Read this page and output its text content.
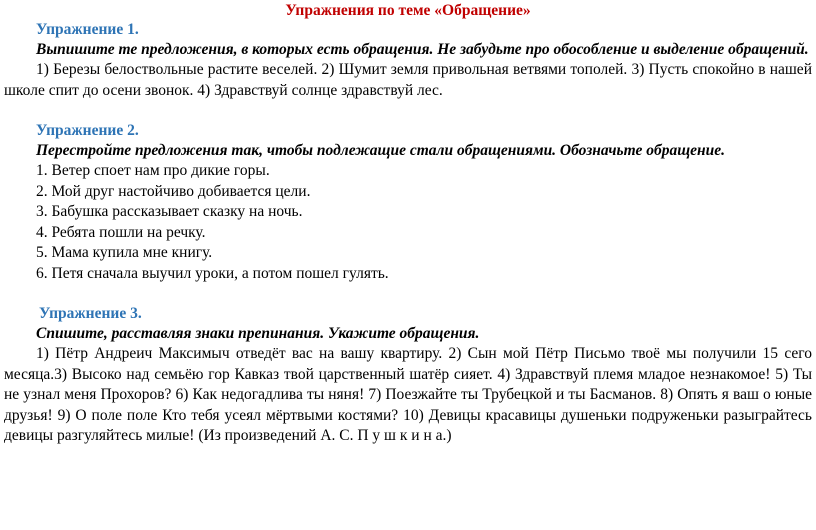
Упражнения по теме «Обращение»

Упражнение 1.

Выпишите те предложения, в которых есть обращения. Не забудьте про обособление и выделение обращений.

1) Березы белоствольные растите веселей. 2) Шумит земля привольная ветвями тополей. 3) Пусть спокойно в нашей школе спит до осени звонок. 4) Здравствуй солнце здравствуй лес.

Упражнение 2.

Перестройте предложения так, чтобы подлежащие стали обращениями. Обозначьте обращение.

1. Ветер споет нам про дикие горы.
2. Мой друг настойчиво добивается цели.
3. Бабушка рассказывает сказку на ночь.
4. Ребята пошли на речку.
5. Мама купила мне книгу.
6. Петя сначала выучил уроки, а потом пошел гулять.

Упражнение 3.

Спишите, расставляя знаки препинания. Укажите обращения.

1) Пётр Андреич Максимыч отведёт вас на вашу квартиру. 2) Сын мой Пётр Письмо твоё мы получили 15 сего месяца.3) Высоко над семьёю гор Кавказ твой царственный шатёр сияет. 4) Здравствуй племя младое незнакомое! 5) Ты не узнал меня Прохоров? 6) Как недогадлива ты няня! 7) Поезжайте ты Трубецкой и ты Басманов. 8) Опять я ваш о юные друзья! 9) О поле поле Кто тебя усеял мёртвыми костями? 10) Девицы красавицы душеньки подруженьки разыграйтесь девицы разгуляйтесь милые! (Из произведений А. С. П у ш к и н а.)
